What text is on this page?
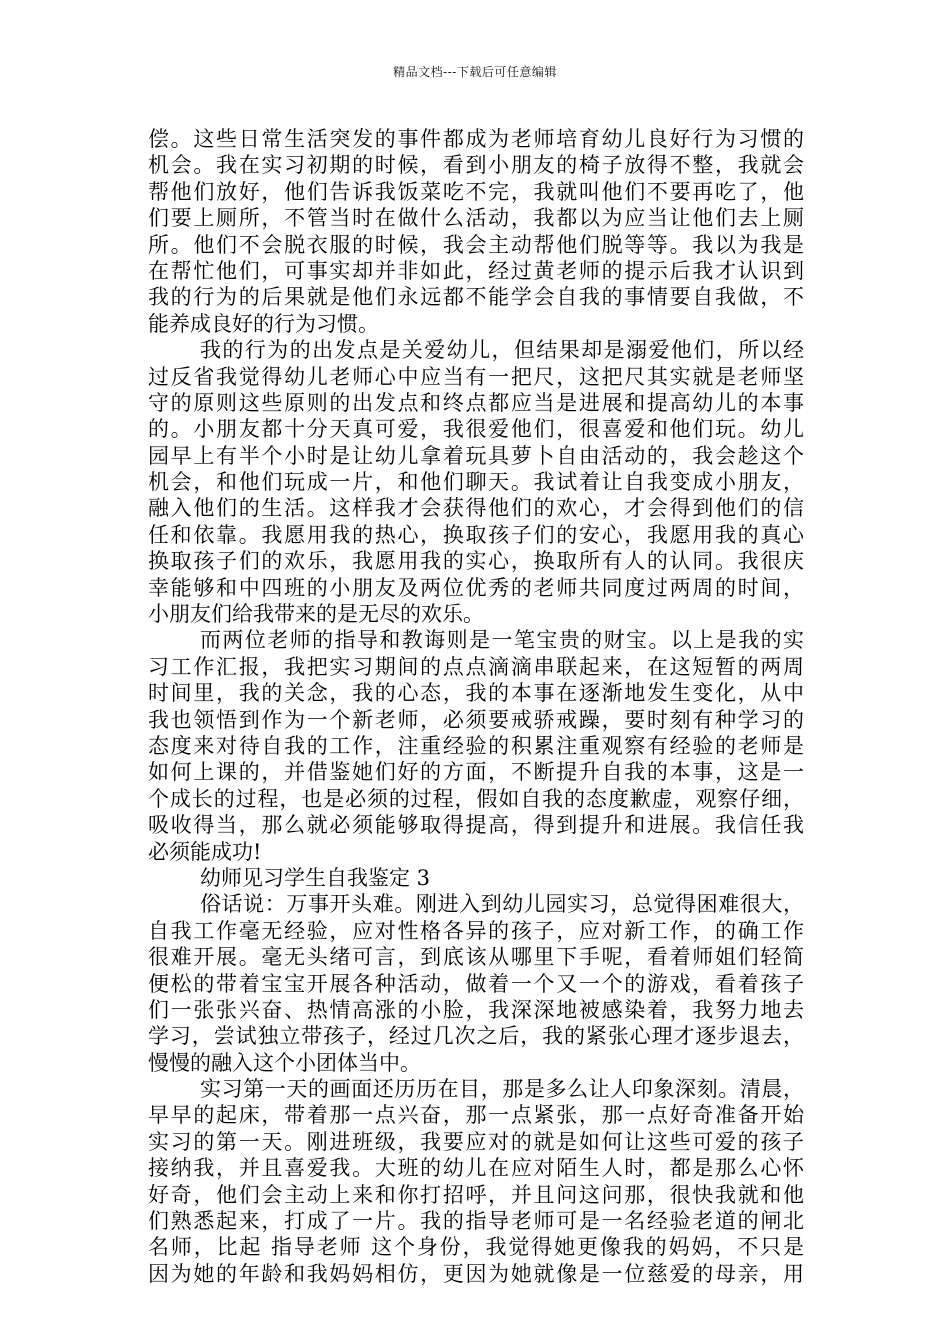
精品文档---下载后可任意编辑
偿。这些日常生活突发的事件都成为老师培育幼儿良好行为习惯的
机会。我在实习初期的时候，看到小朋友的椅子放得不整，我就会
帮他们放好，他们告诉我饭菜吃不完，我就叫他们不要再吃了，他
们要上厕所，不管当时在做什么活动，我都以为应当让他们去上厕
所。他们不会脱衣服的时候，我会主动帮他们脱等等。我以为我是
在帮忙他们，可事实却并非如此，经过黄老师的提示后我才认识到
我的行为的后果就是他们永远都不能学会自我的事情要自我做，不
能养成良好的行为习惯。
我的行为的出发点是关爱幼儿，但结果却是溺爱他们，所以经
过反省我觉得幼儿老师心中应当有一把尺，这把尺其实就是老师坚
守的原则这些原则的出发点和终点都应当是进展和提高幼儿的本事
的。小朋友都十分天真可爱，我很爱他们，很喜爱和他们玩。幼儿
园早上有半个小时是让幼儿拿着玩具萝卜自由活动的，我会趁这个
机会，和他们玩成一片，和他们聊天。我试着让自我变成小朋友，
融入他们的生活。这样我才会获得他们的欢心，才会得到他们的信
任和依靠。我愿用我的热心，换取孩子们的安心，我愿用我的真心
换取孩子们的欢乐，我愿用我的实心，换取所有人的认同。我很庆
幸能够和中四班的小朋友及两位优秀的老师共同度过两周的时间，
小朋友们给我带来的是无尽的欢乐。
而两位老师的指导和教诲则是一笔宝贵的财宝。以上是我的实
习工作汇报，我把实习期间的点点滴滴串联起来，在这短暂的两周
时间里，我的关念，我的心态，我的本事在逐渐地发生变化，从中
我也领悟到作为一个新老师，必须要戒骄戒躁，要时刻有种学习的
态度来对待自我的工作，注重经验的积累注重观察有经验的老师是
如何上课的，并借鉴她们好的方面，不断提升自我的本事，这是一
个成长的过程，也是必须的过程，假如自我的态度歉虚，观察仔细，
吸收得当，那么就必须能够取得提高，得到提升和进展。我信任我
必须能成功!
幼师见习学生自我鉴定 3
俗话说：万事开头难。刚进入到幼儿园实习，总觉得困难很大，
自我工作毫无经验，应对性格各异的孩子，应对新工作，的确工作
很难开展。毫无头绪可言，到底该从哪里下手呢，看着师姐们轻简
便松的带着宝宝开展各种活动，做着一个又一个的游戏，看着孩子
们一张张兴奋、热情高涨的小脸，我深深地被感染着，我努力地去
学习，尝试独立带孩子，经过几次之后，我的紧张心理才逐步退去，
慢慢的融入这个小团体当中。
实习第一天的画面还历历在目，那是多么让人印象深刻。清晨，
早早的起床，带着那一点兴奋，那一点紧张，那一点好奇准备开始
实习的第一天。刚进班级，我要应对的就是如何让这些可爱的孩子
接纳我，并且喜爱我。大班的幼儿在应对陌生人时，都是那么心怀
好奇，他们会主动上来和你打招呼，并且问这问那，很快我就和他
们熟悉起来，打成了一片。我的指导老师可是一名经验老道的闸北
名师，比起 指导老师 这个身份，我觉得她更像我的妈妈，不只是
因为她的年龄和我妈妈相仿，更因为她就像是一位慈爱的母亲，用
